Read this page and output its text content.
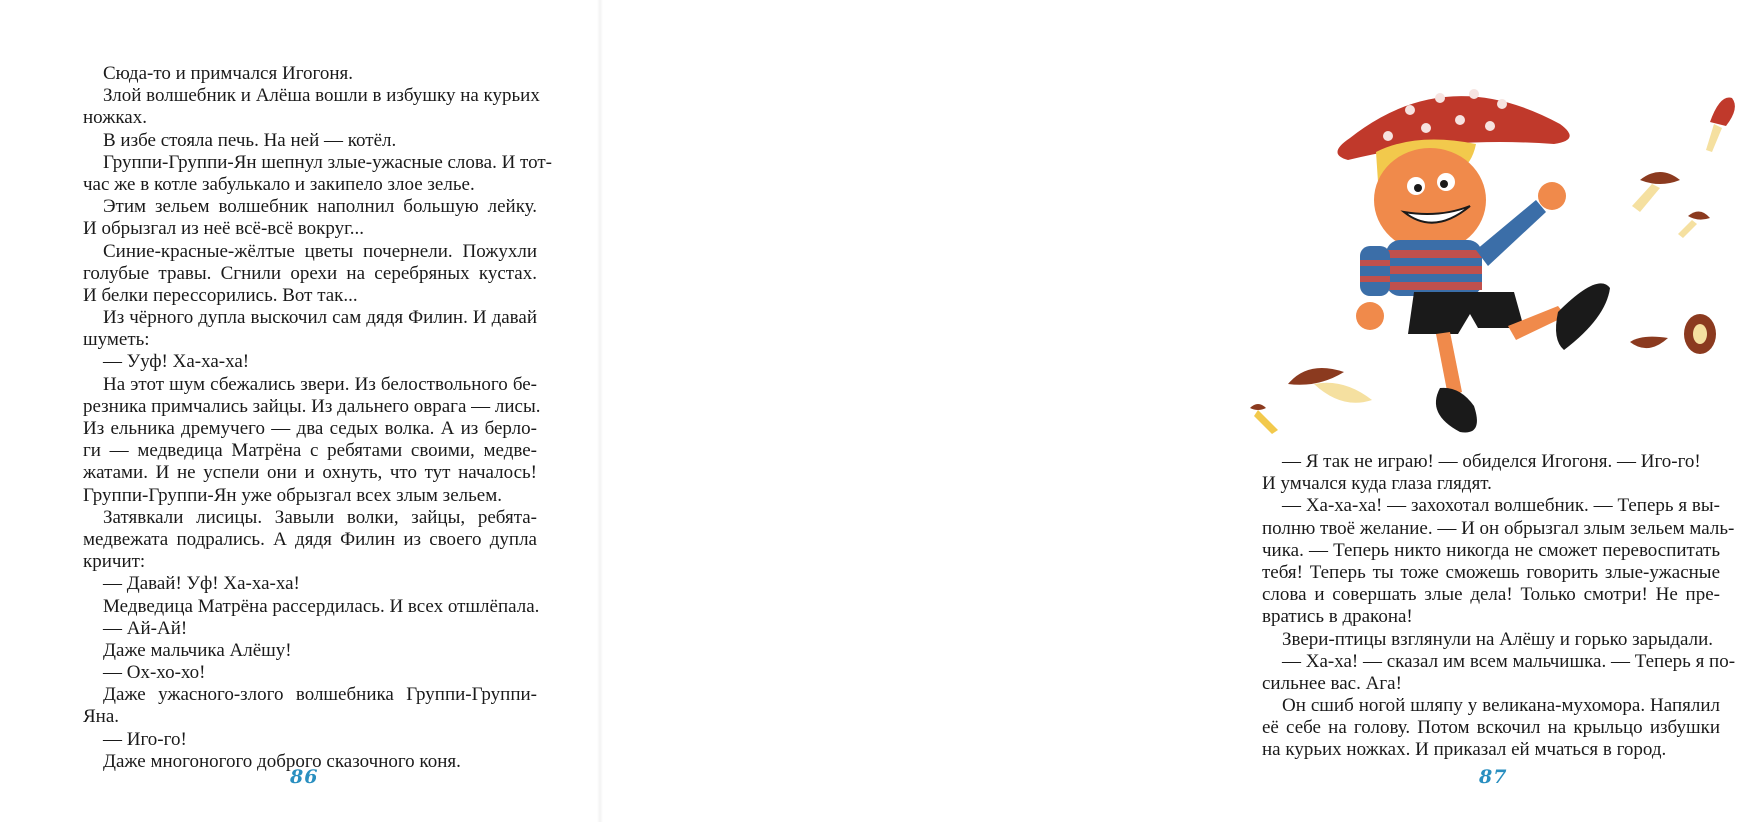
Сюда-то и примчался Игогоня.
Злой волшебник и Алёша вошли в избушку на курьих
ножках.
В избе стояла печь. На ней — котёл.
Группи-Группи-Ян шепнул злые-ужасные слова. И тот-
час же в котле забулькало и закипело злое зелье.
Этим зельем волшебник наполнил большую лейку.
И обрызгал из неё всё-всё вокруг...
Синие-красные-жёлтые цветы почернели. Пожухли
голубые травы. Сгнили орехи на серебряных кустах.
И белки перессорились. Вот так...
Из чёрного дупла выскочил сам дядя Филин. И давай
шуметь:
— Ууф! Ха-ха-ха!
На этот шум сбежались звери. Из белоствольного бе-
резника примчались зайцы. Из дальнего оврага — лисы.
Из ельника дремучего — два седых волка. А из берло-
ги — медведица Матрёна с ребятами своими, медве-
жатами. И не успели они и охнуть, что тут началось!
Группи-Группи-Ян уже обрызгал всех злым зельем.
Затявкали лисицы. Завыли волки, зайцы, ребята-
медвежата подрались. А дядя Филин из своего дупла
кричит:
— Давай! Уф! Ха-ха-ха!
Медведица Матрёна рассердилась. И всех отшлёпала.
— Ай-Ай!
Даже мальчика Алёшу!
— Ох-хо-хо!
Даже ужасного-злого волшебника Группи-Группи-
Яна.
— Иго-го!
Даже многоногого доброго сказочного коня.
86
— Я так не играю! — обиделся Игогоня. — Иго-го!
И умчался куда глаза глядят.
— Ха-ха-ха! — захохотал волшебник. — Теперь я вы-
полню твоё желание. — И он обрызгал злым зельем маль-
чика. — Теперь никто никогда не сможет перевоспитать
тебя! Теперь ты тоже сможешь говорить злые-ужасные
слова и совершать злые дела! Только смотри! Не пре-
вратись в дракона!
Звери-птицы взглянули на Алёшу и горько зарыдали.
— Ха-ха! — сказал им всем мальчишка. — Теперь я по-
сильнее вас. Ага!
Он сшиб ногой шляпу у великана-мухомора. Напялил
её себе на голову. Потом вскочил на крыльцо избушки
на курьих ножках. И приказал ей мчаться в город.
87
